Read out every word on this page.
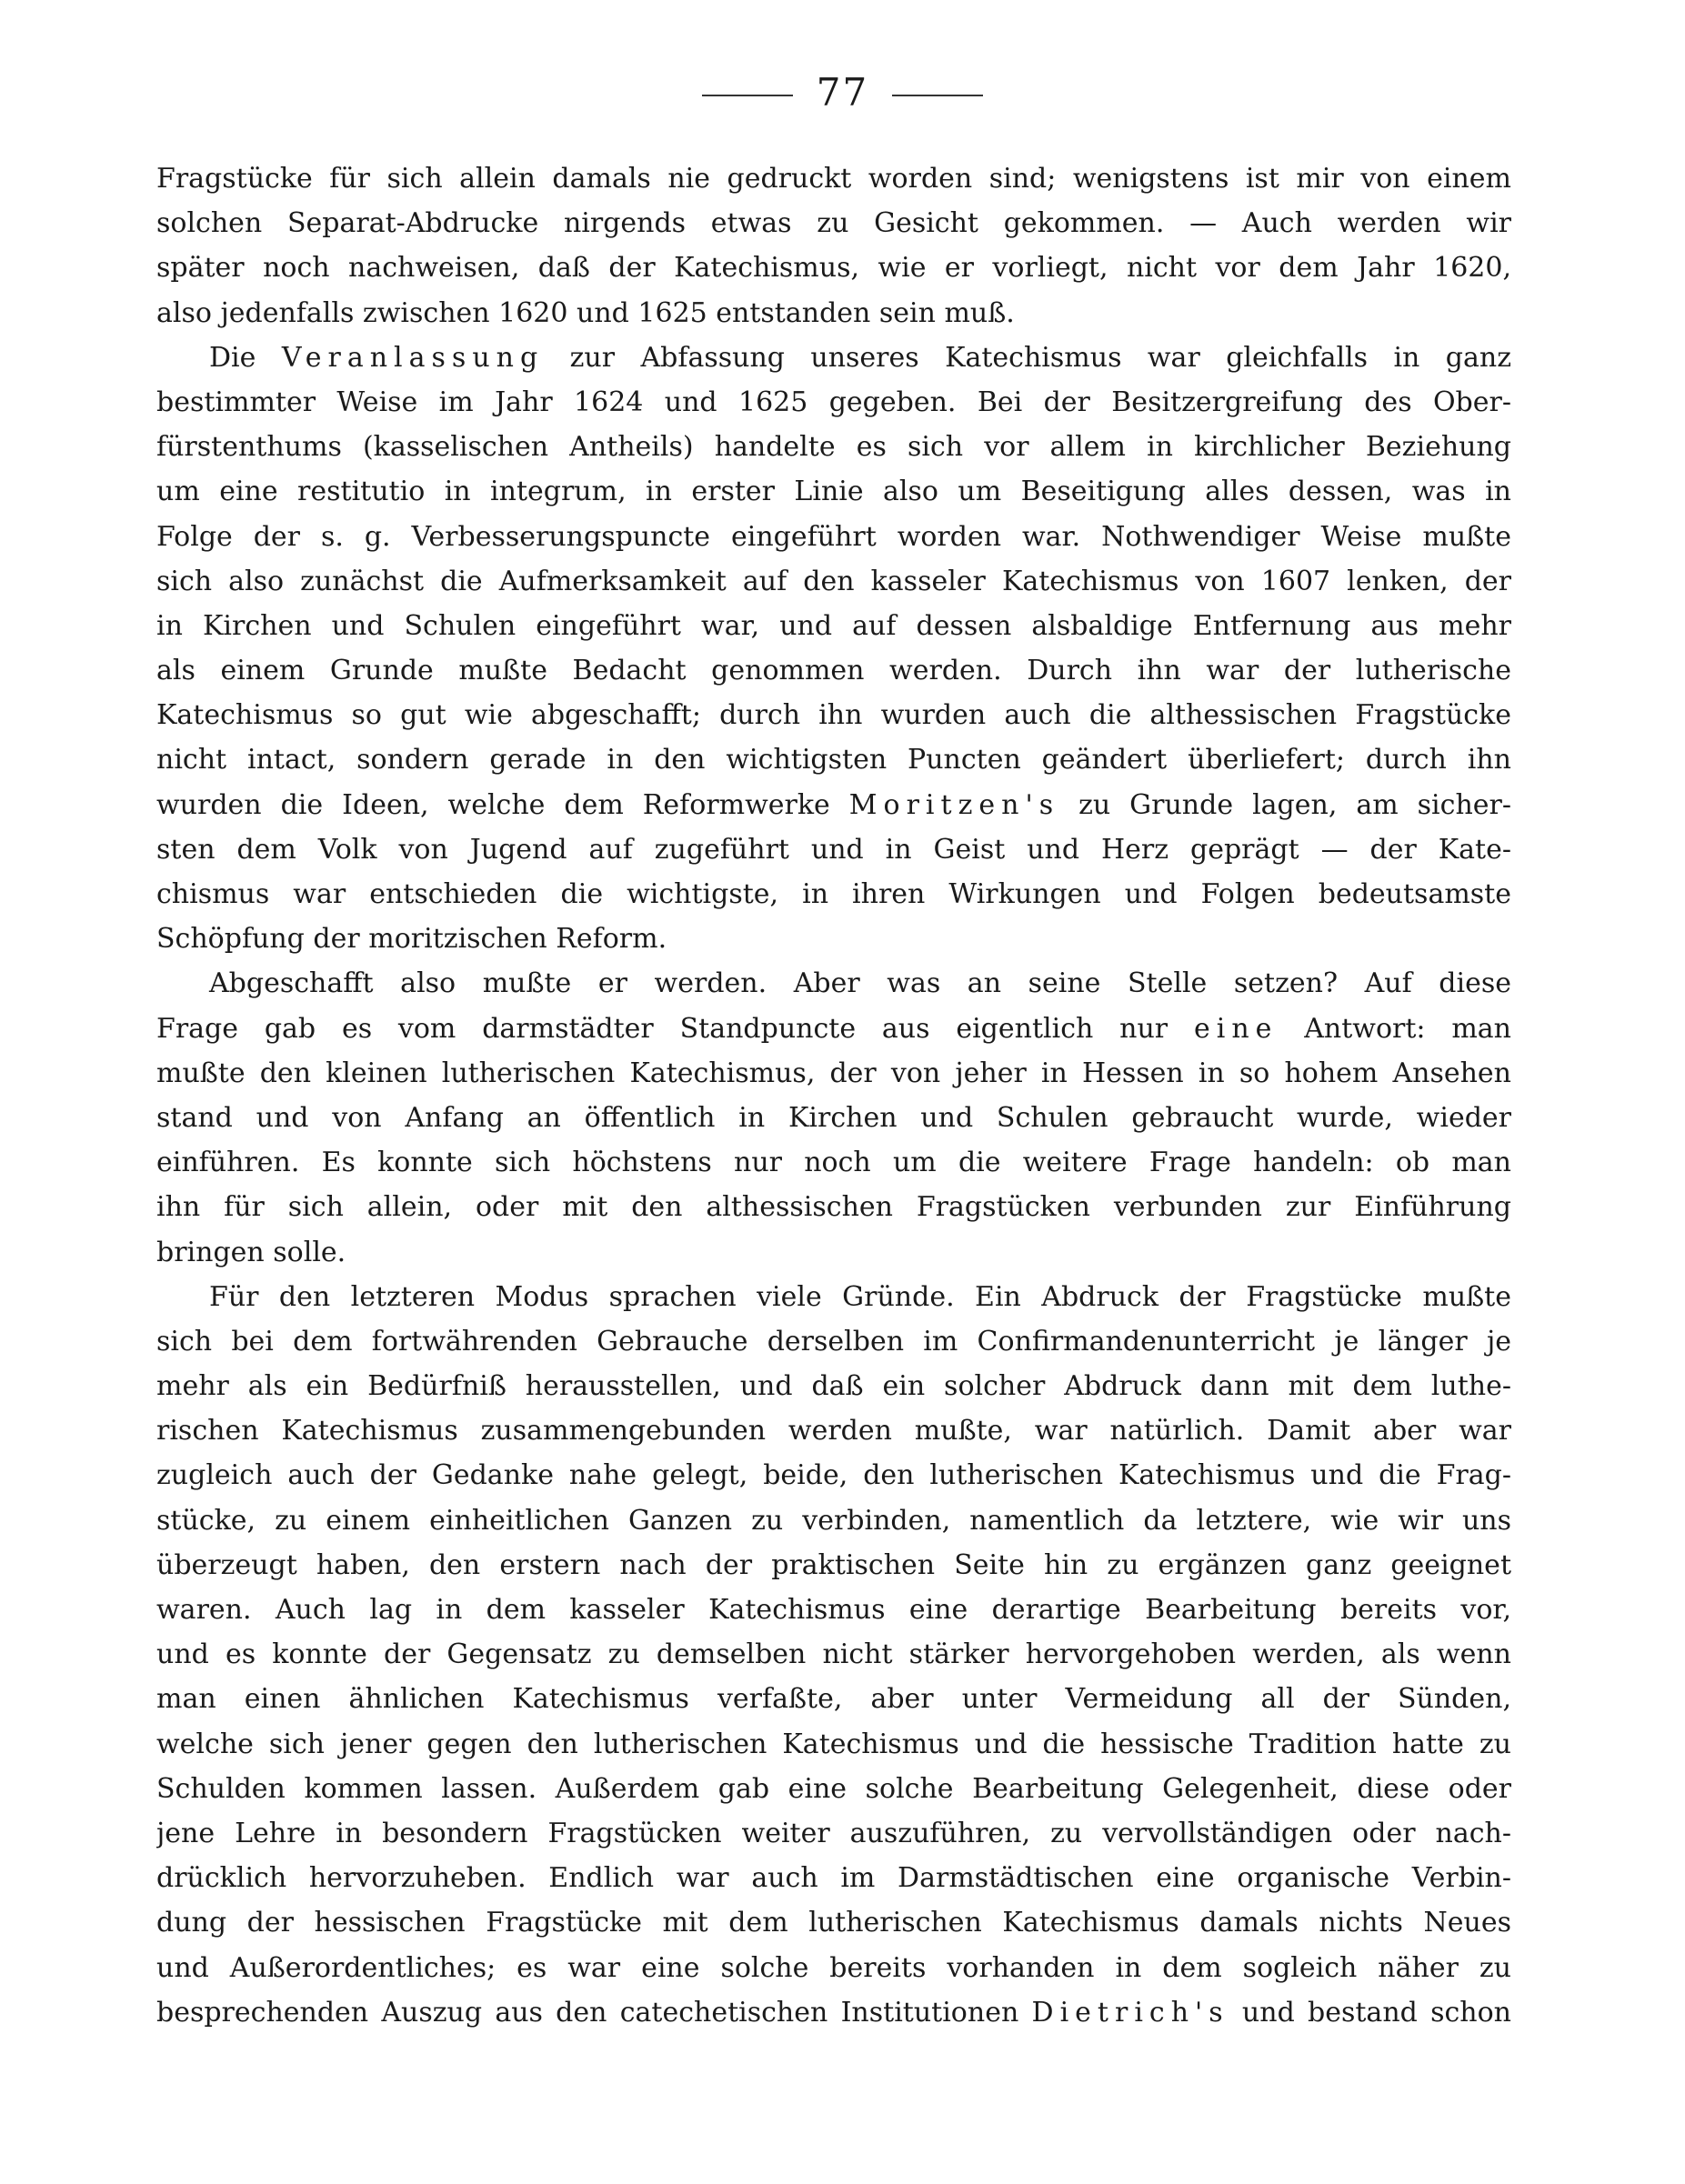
77
Fragstücke für sich allein damals nie gedruckt worden sind; wenigstens ist mir von einem
solchen Separat-Abdrucke nirgends etwas zu Gesicht gekommen. — Auch werden wir
später noch nachweisen, daß der Katechismus, wie er vorliegt, nicht vor dem Jahr 1620,
also jedenfalls zwischen 1620 und 1625 entstanden sein muß.
Die Veranlassung zur Abfassung unseres Katechismus war gleichfalls in ganz
bestimmter Weise im Jahr 1624 und 1625 gegeben. Bei der Besitzergreifung des Ober-
fürstenthums (kasselischen Antheils) handelte es sich vor allem in kirchlicher Beziehung
um eine restitutio in integrum, in erster Linie also um Beseitigung alles dessen, was in
Folge der s. g. Verbesserungspuncte eingeführt worden war. Nothwendiger Weise mußte
sich also zunächst die Aufmerksamkeit auf den kasseler Katechismus von 1607 lenken, der
in Kirchen und Schulen eingeführt war, und auf dessen alsbaldige Entfernung aus mehr
als einem Grunde mußte Bedacht genommen werden. Durch ihn war der lutherische
Katechismus so gut wie abgeschafft; durch ihn wurden auch die althessischen Fragstücke
nicht intact, sondern gerade in den wichtigsten Puncten geändert überliefert; durch ihn
wurden die Ideen, welche dem Reformwerke Moritzen's zu Grunde lagen, am sicher-
sten dem Volk von Jugend auf zugeführt und in Geist und Herz geprägt — der Kate-
chismus war entschieden die wichtigste, in ihren Wirkungen und Folgen bedeutsamste
Schöpfung der moritzischen Reform.
Abgeschafft also mußte er werden. Aber was an seine Stelle setzen? Auf diese
Frage gab es vom darmstädter Standpuncte aus eigentlich nur eine Antwort: man
mußte den kleinen lutherischen Katechismus, der von jeher in Hessen in so hohem Ansehen
stand und von Anfang an öffentlich in Kirchen und Schulen gebraucht wurde, wieder
einführen. Es konnte sich höchstens nur noch um die weitere Frage handeln: ob man
ihn für sich allein, oder mit den althessischen Fragstücken verbunden zur Einführung
bringen solle.
Für den letzteren Modus sprachen viele Gründe. Ein Abdruck der Fragstücke mußte
sich bei dem fortwährenden Gebrauche derselben im Confirmandenunterricht je länger je
mehr als ein Bedürfniß herausstellen, und daß ein solcher Abdruck dann mit dem luthe-
rischen Katechismus zusammengebunden werden mußte, war natürlich. Damit aber war
zugleich auch der Gedanke nahe gelegt, beide, den lutherischen Katechismus und die Frag-
stücke, zu einem einheitlichen Ganzen zu verbinden, namentlich da letztere, wie wir uns
überzeugt haben, den erstern nach der praktischen Seite hin zu ergänzen ganz geeignet
waren. Auch lag in dem kasseler Katechismus eine derartige Bearbeitung bereits vor,
und es konnte der Gegensatz zu demselben nicht stärker hervorgehoben werden, als wenn
man einen ähnlichen Katechismus verfaßte, aber unter Vermeidung all der Sünden,
welche sich jener gegen den lutherischen Katechismus und die hessische Tradition hatte zu
Schulden kommen lassen. Außerdem gab eine solche Bearbeitung Gelegenheit, diese oder
jene Lehre in besondern Fragstücken weiter auszuführen, zu vervollständigen oder nach-
drücklich hervorzuheben. Endlich war auch im Darmstädtischen eine organische Verbin-
dung der hessischen Fragstücke mit dem lutherischen Katechismus damals nichts Neues
und Außerordentliches; es war eine solche bereits vorhanden in dem sogleich näher zu
besprechenden Auszug aus den catechetischen Institutionen Dietrich's und bestand schon
